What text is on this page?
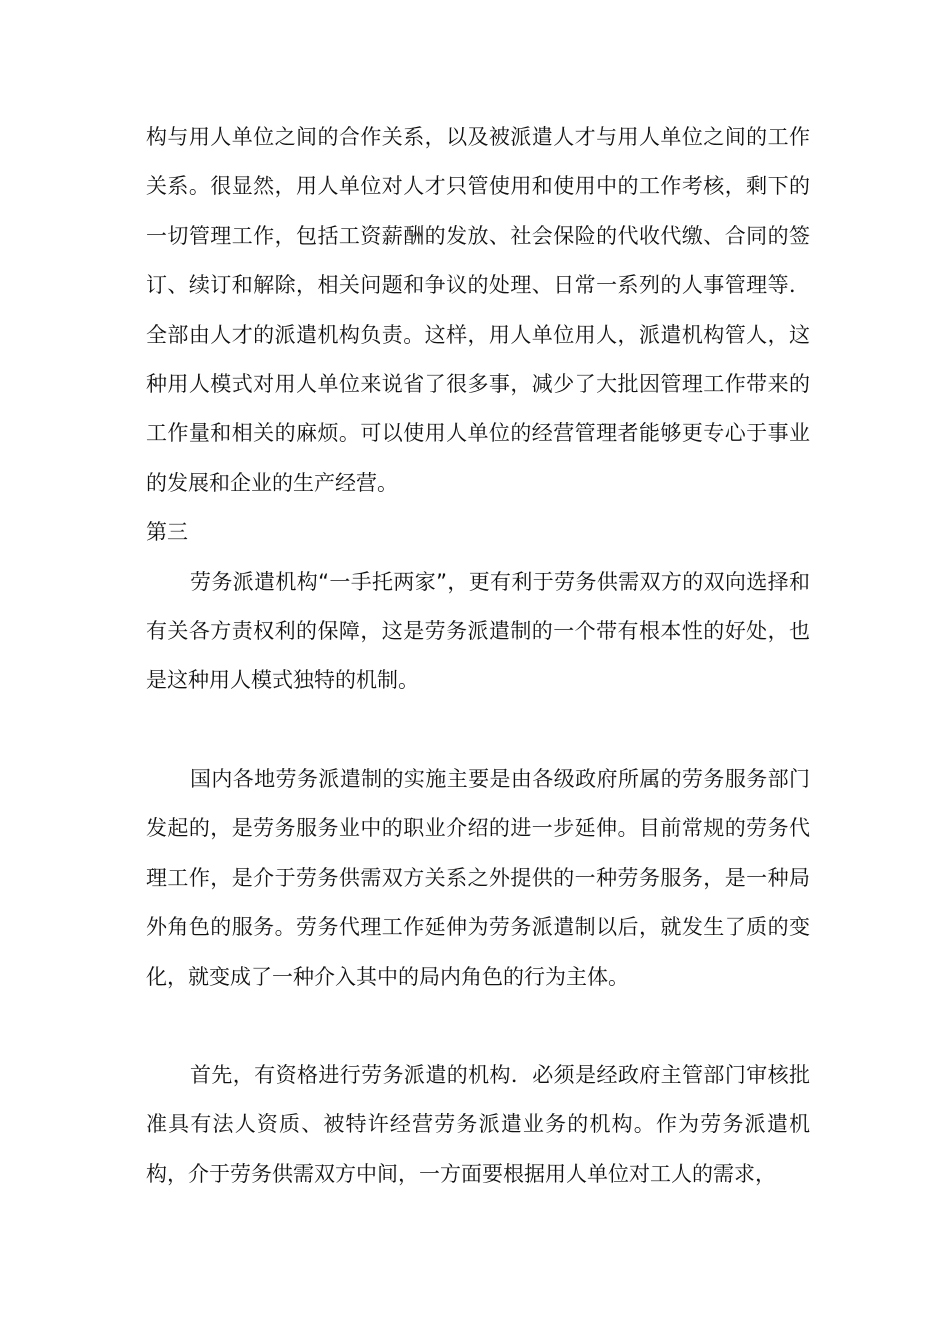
构与用人单位之间的合作关系，以及被派遣人才与用人单位之间的工作关系。很显然，用人单位对人才只管使用和使用中的工作考核，剩下的一切管理工作，包括工资薪酬的发放、社会保险的代收代缴、合同的签订、续订和解除，相关问题和争议的处理、日常一系列的人事管理等．全部由人才的派遣机构负责。这样，用人单位用人，派遣机构管人，这种用人模式对用人单位来说省了很多事，减少了大批因管理工作带来的工作量和相关的麻烦。可以使用人单位的经营管理者能够更专心于事业的发展和企业的生产经营。

第三

劳务派遣机构“一手托两家”，更有利于劳务供需双方的双向选择和有关各方责权利的保障，这是劳务派遣制的一个带有根本性的好处，也是这种用人模式独特的机制。

国内各地劳务派遣制的实施主要是由各级政府所属的劳务服务部门发起的，是劳务服务业中的职业介绍的进一步延伸。目前常规的劳务代理工作，是介于劳务供需双方关系之外提供的一种劳务服务，是一种局外角色的服务。劳务代理工作延伸为劳务派遣制以后，就发生了质的变化，就变成了一种介入其中的局内角色的行为主体。

首先，有资格进行劳务派遣的机构．必须是经政府主管部门审核批准具有法人资质、被特许经营劳务派遣业务的机构。作为劳务派遣机构，介于劳务供需双方中间，一方面要根据用人单位对工人的需求，
